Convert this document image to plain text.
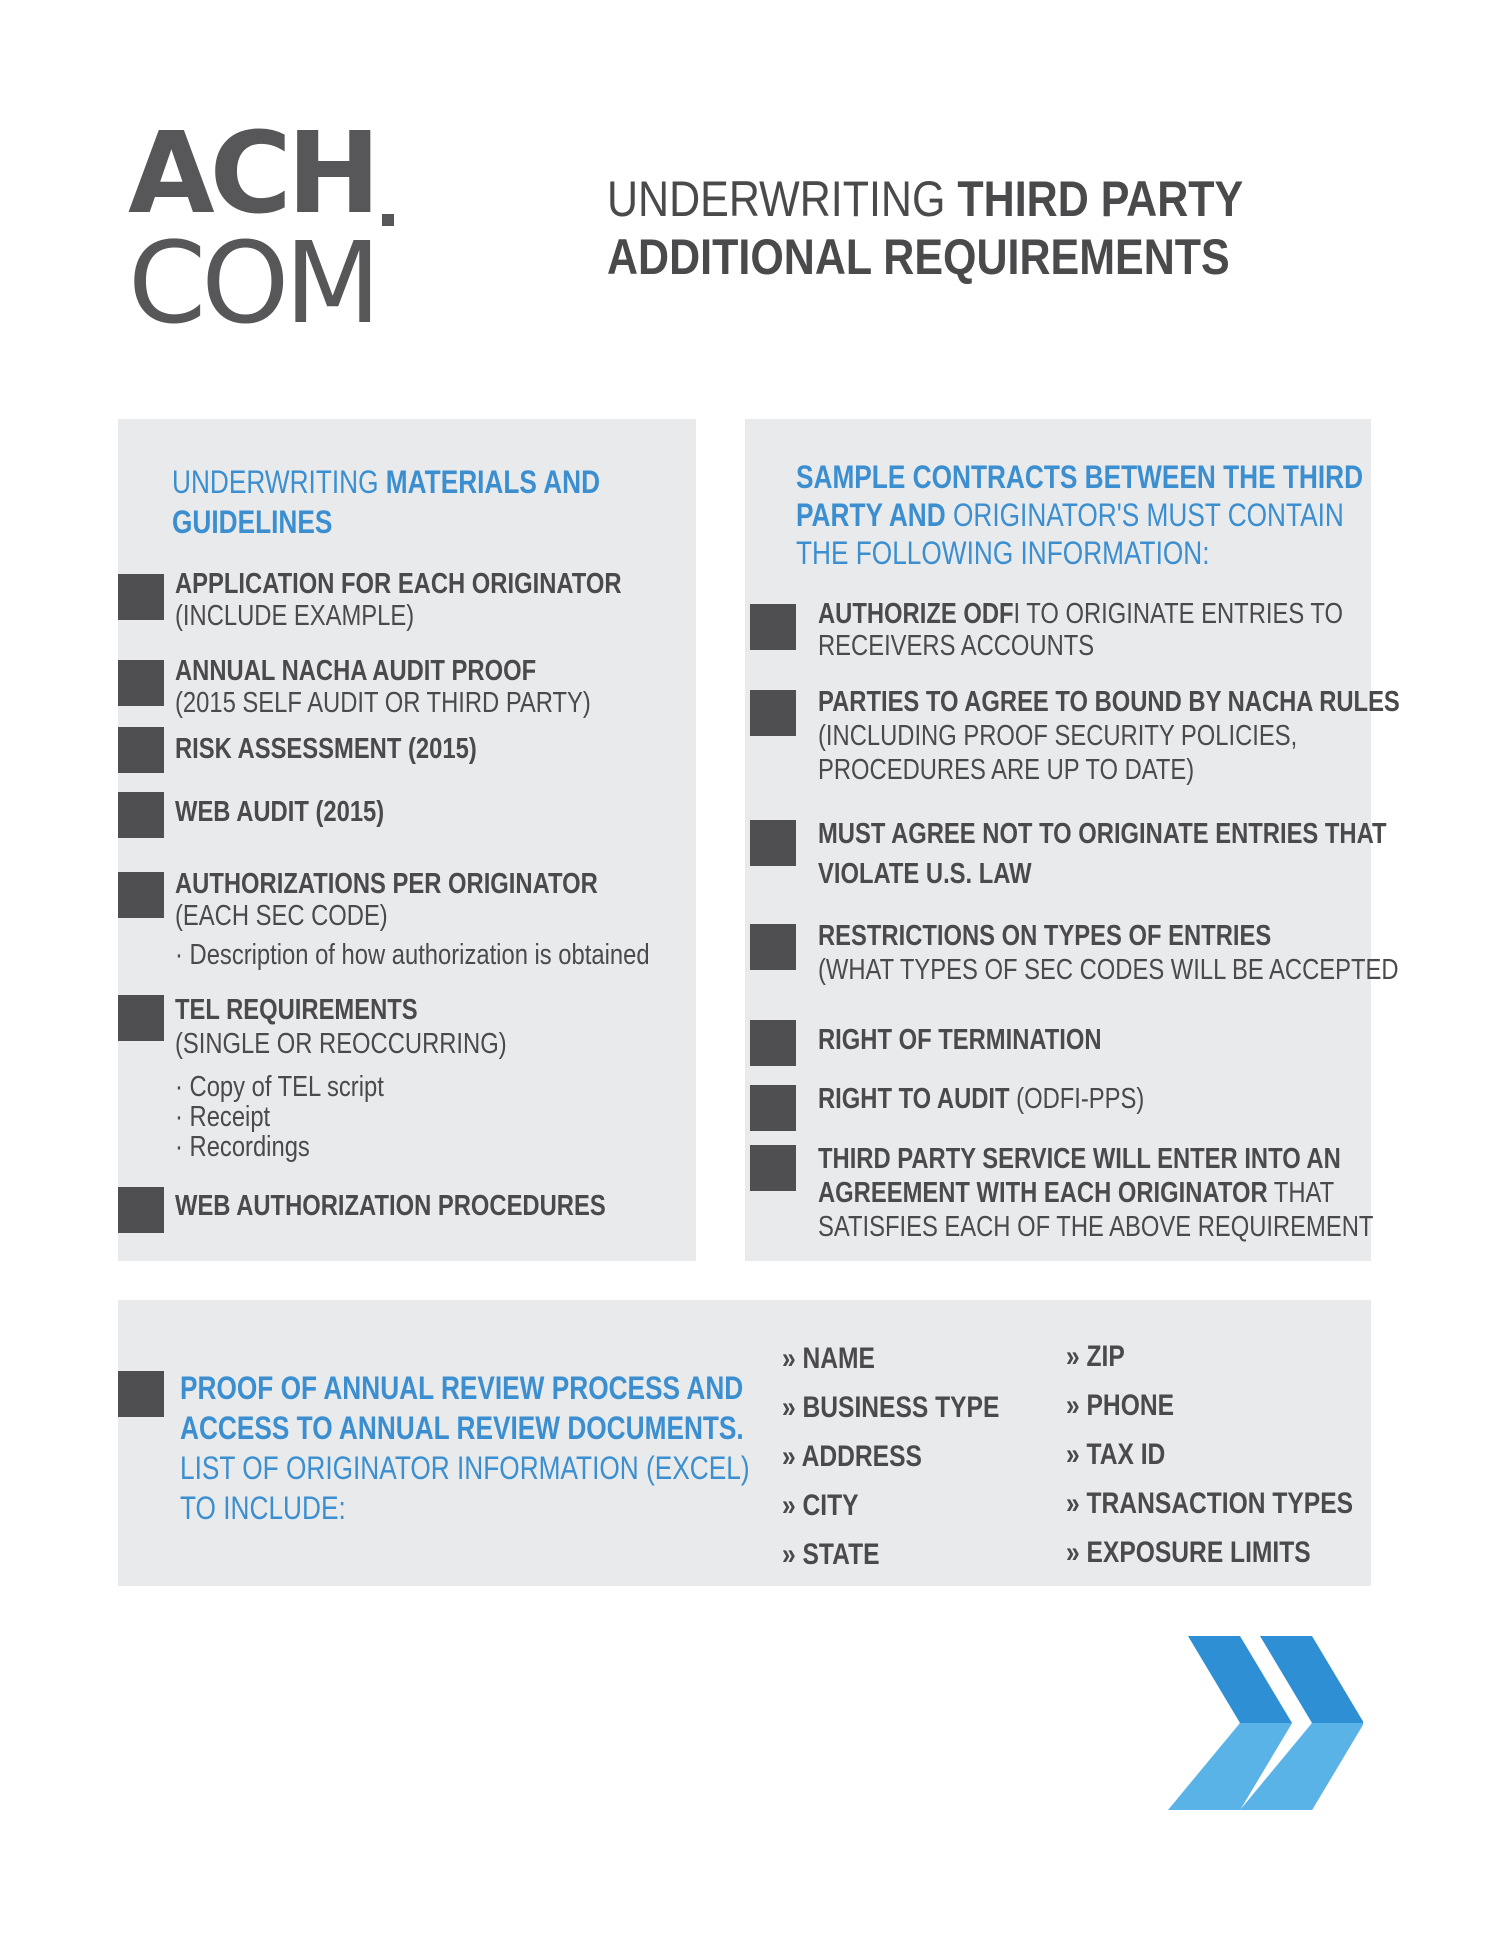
ACH
COM
UNDERWRITING THIRD PARTY
ADDITIONAL REQUIREMENTS
UNDERWRITING MATERIALS AND
GUIDELINES
APPLICATION FOR EACH ORIGINATOR
(INCLUDE EXAMPLE)
ANNUAL NACHA AUDIT PROOF
(2015 SELF AUDIT OR THIRD PARTY)
RISK ASSESSMENT (2015)
WEB AUDIT (2015)
AUTHORIZATIONS PER ORIGINATOR
(EACH SEC CODE)
· Description of how authorization is obtained
TEL REQUIREMENTS
(SINGLE OR REOCCURRING)
· Copy of TEL script
· Receipt
· Recordings
WEB AUTHORIZATION PROCEDURES
SAMPLE CONTRACTS BETWEEN THE THIRD
PARTY AND ORIGINATOR'S MUST CONTAIN
THE FOLLOWING INFORMATION:
AUTHORIZE ODFI TO ORIGINATE ENTRIES TO
RECEIVERS ACCOUNTS
PARTIES TO AGREE TO BOUND BY NACHA RULES
(INCLUDING PROOF SECURITY POLICIES,
PROCEDURES ARE UP TO DATE)
MUST AGREE NOT TO ORIGINATE ENTRIES THAT
VIOLATE U.S. LAW
RESTRICTIONS ON TYPES OF ENTRIES
(WHAT TYPES OF SEC CODES WILL BE ACCEPTED
RIGHT OF TERMINATION
RIGHT TO AUDIT (ODFI-PPS)
THIRD PARTY SERVICE WILL ENTER INTO AN
AGREEMENT WITH EACH ORIGINATOR THAT
SATISFIES EACH OF THE ABOVE REQUIREMENT
PROOF OF ANNUAL REVIEW PROCESS AND
ACCESS TO ANNUAL REVIEW DOCUMENTS.
LIST OF ORIGINATOR INFORMATION (EXCEL)
TO INCLUDE:
» NAME
» BUSINESS TYPE
» ADDRESS
» CITY
» STATE
» ZIP
» PHONE
» TAX ID
» TRANSACTION TYPES
» EXPOSURE LIMITS
